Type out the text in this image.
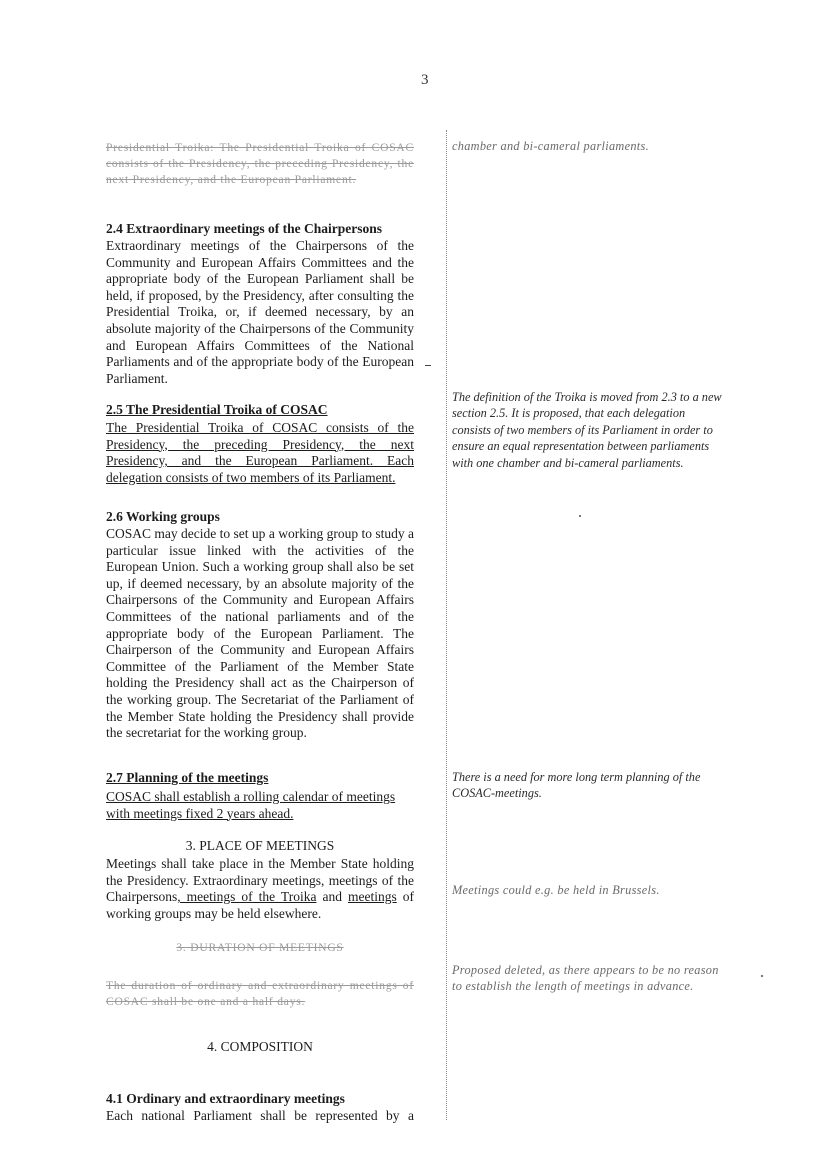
3
Presidential Troika: The Presidential Troika of COSAC consists of the Presidency, the preceding Presidency, the next Presidency, and the European Parliament.
2.4 Extraordinary meetings of the Chairpersons
Extraordinary meetings of the Chairpersons of the Community and European Affairs Committees and the appropriate body of the European Parliament shall be held, if proposed, by the Presidency, after consulting the Presidential Troika, or, if deemed necessary, by an absolute majority of the Chairpersons of the Community and European Affairs Committees of the National Parliaments and of the appropriate body of the European Parliament.
2.5 The Presidential Troika of COSAC
The Presidential Troika of COSAC consists of the Presidency, the preceding Presidency, the next Presidency, and the European Parliament. Each delegation consists of two members of its Parliament.
2.6 Working groups
COSAC may decide to set up a working group to study a particular issue linked with the activities of the European Union. Such a working group shall also be set up, if deemed necessary, by an absolute majority of the Chairpersons of the Community and European Affairs Committees of the national parliaments and of the appropriate body of the European Parliament. The Chairperson of the Community and European Affairs Committee of the Parliament of the Member State holding the Presidency shall act as the Chairperson of the working group. The Secretariat of the Parliament of the Member State holding the Presidency shall provide the secretariat for the working group.
2.7 Planning of the meetings
COSAC shall establish a rolling calendar of meetings with meetings fixed 2 years ahead.
3. PLACE OF MEETINGS
Meetings shall take place in the Member State holding the Presidency. Extraordinary meetings, meetings of the Chairpersons, meetings of the Troika and meetings of working groups may be held elsewhere.
3. DURATION OF MEETINGS
The duration of ordinary and extraordinary meetings of COSAC shall be one and a half days.
4. COMPOSITION
4.1 Ordinary and extraordinary meetings
Each national Parliament shall be represented by a
chamber and bi-cameral parliaments.
The definition of the Troika is moved from 2.3 to a new section 2.5. It is proposed, that each delegation consists of two members of its Parliament in order to ensure an equal representation between parliaments with one chamber and bi-cameral parliaments.
There is a need for more long term planning of the COSAC-meetings.
Meetings could e.g. be held in Brussels.
Proposed deleted, as there appears to be no reason to establish the length of meetings in advance.
